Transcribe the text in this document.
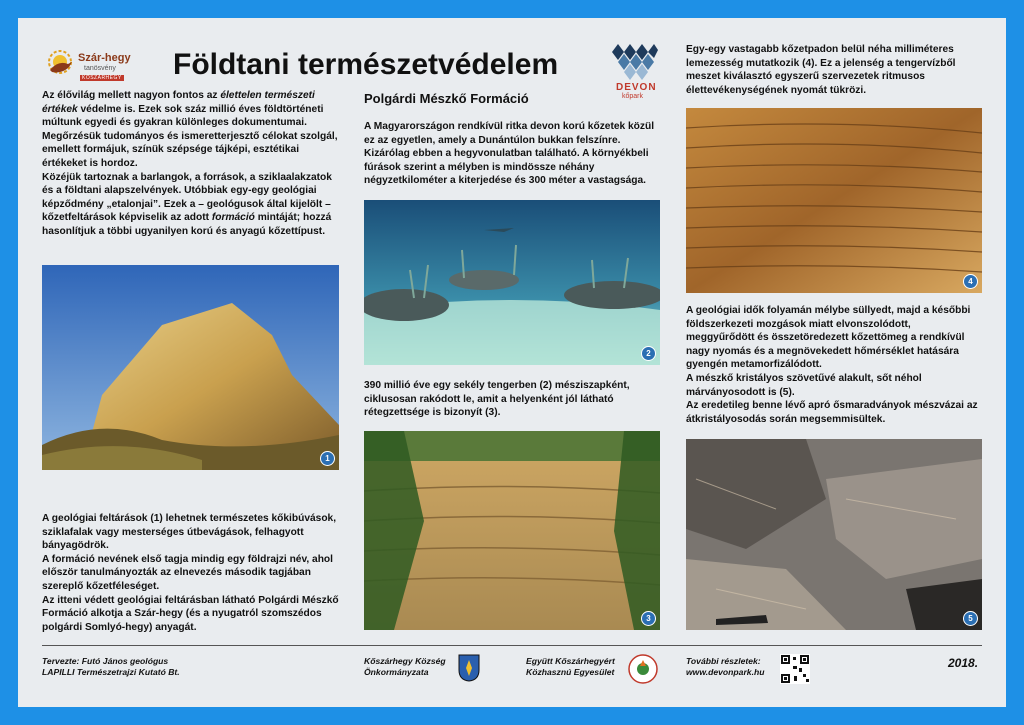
Szár-hegy
tanösvény
KŐSZÁRHEGY Földtani természetvédelem
DEVON
kőpark

Az élővilág mellett nagyon fontos az élettelen természeti értékek védelme is. Ezek sok száz millió éves földtörténeti múltunk egyedi és gyakran különleges dokumentumai. Megőrzésük tudományos és ismeretterjesztő célokat szolgál, emellett formájuk, színük szépsége tájképi, esztétikai értékeket is hordoz.

Közéjük tartoznak a barlangok, a források, a sziklaalakzatok és a földtani alapszelvények. Utóbbiak egy-egy geológiai képződmény „etalonjai”. Ezek a – geológusok által kijelölt – kőzetfeltárások képviselik az adott formáció mintáját; hozzá hasonlítjuk a többi ugyanilyen korú és anyagú kőzettípust.

1

A geológiai feltárások (1) lehetnek természetes kőkibúvások, sziklafalak vagy mesterséges útbevágások, felhagyott bányagödrök.

A formáció nevének első tagja mindig egy földrajzi név, ahol először tanulmányozták az elnevezés második tagjában szereplő kőzetféleséget.

Az itteni védett geológiai feltárásban látható Polgárdi Mészkő Formáció alkotja a Szár-hegy (és a nyugatról szomszédos polgárdi Somlyó-hegy) anyagát.

Polgárdi Mészkő Formáció

A Magyarországon rendkívül ritka devon korú kőzetek közül ez az egyetlen, amely a Dunántúlon bukkan felszínre. Kizárólag ebben a hegyvonulatban található. A környékbeli fúrások szerint a mélyben is mindössze néhány négyzetkilométer a kiterjedése és 300 méter a vastagsága.

2

390 millió éve egy sekély tengerben (2) mésziszapként, ciklusosan rakódott le, amit a helyenként jól látható rétegzettsége is bizonyít (3).

3

Egy-egy vastagabb kőzetpadon belül néha milliméteres lemezesség mutatkozik (4). Ez a jelenség a tengervízből meszet kiválasztó egyszerű szervezetek ritmusos élettevékenységének nyomát tükrözi.

4

A geológiai idők folyamán mélybe süllyedt, majd a későbbi földszerkezeti mozgások miatt elvonszolódott, meggyűrődött és összetöredezett kőzettömeg a rendkívül nagy nyomás és a megnövekedett hőmérséklet hatására gyengén metamorfizálódott.

A mészkő kristályos szövetűvé alakult, sőt néhol márványosodott is (5).

Az eredetileg benne lévő apró ősmaradványok mészvázai az átkristályosodás során megsemmisültek.

5
Tervezte: Futó János geológus
LAPILLI Természetrajzi Kutató Bt.
Kőszárhegy Község
Önkormányzata
Együtt Kőszárhegyért
Közhasznú Egyesület
További részletek:
www.devonpark.hu
2018.
